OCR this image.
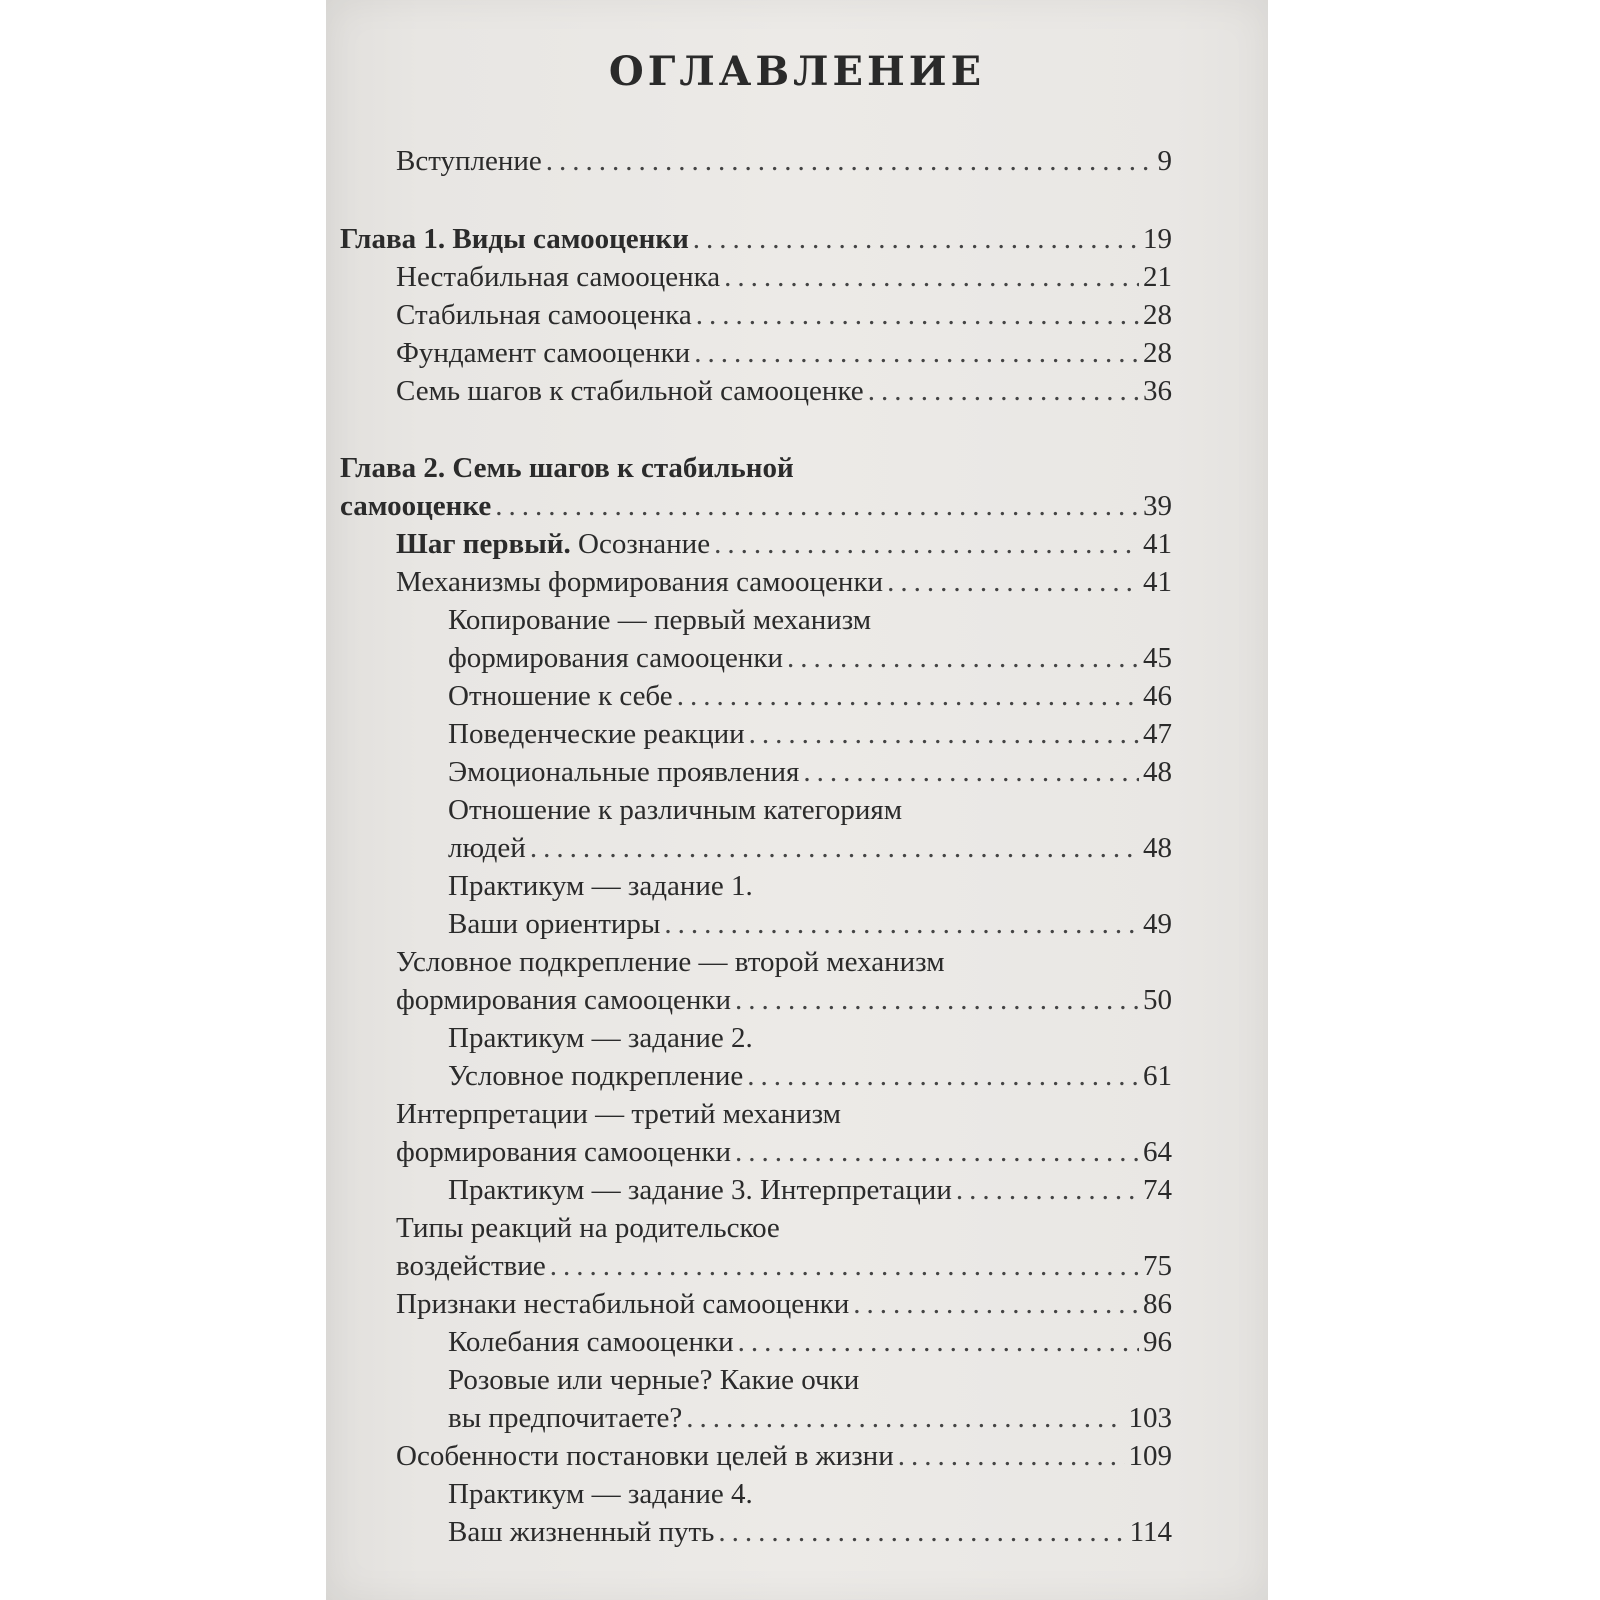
ОГЛАВЛЕНИЕ
Вступление .....	9
Глава 1. Виды самооценки .....	19
Нестабильная самооценка .....	21
Стабильная самооценка .....	28
Фундамент самооценки .....	28
Семь шагов к стабильной самооценке .....	36
Глава 2. Семь шагов к стабильной
самооценке .....	39
Шаг первый. Осознание .....	41
Механизмы формирования самооценки .....	41
Копирование — первый механизм
формирования самооценки .....	45
Отношение к себе .....	46
Поведенческие реакции .....	47
Эмоциональные проявления .....	48
Отношение к различным категориям
людей .....	48
Практикум — задание 1.
Ваши ориентиры .....	49
Условное подкрепление — второй механизм
формирования самооценки .....	50
Практикум — задание 2.
Условное подкрепление .....	61
Интерпретации — третий механизм
формирования самооценки .....	64
Практикум — задание 3. Интерпретации .....	74
Типы реакций на родительское
воздействие .....	75
Признаки нестабильной самооценки .....	86
Колебания самооценки .....	96
Розовые или черные? Какие очки
вы предпочитаете? .....	103
Особенности постановки целей в жизни .....	109
Практикум — задание 4.
Ваш жизненный путь .....	114
